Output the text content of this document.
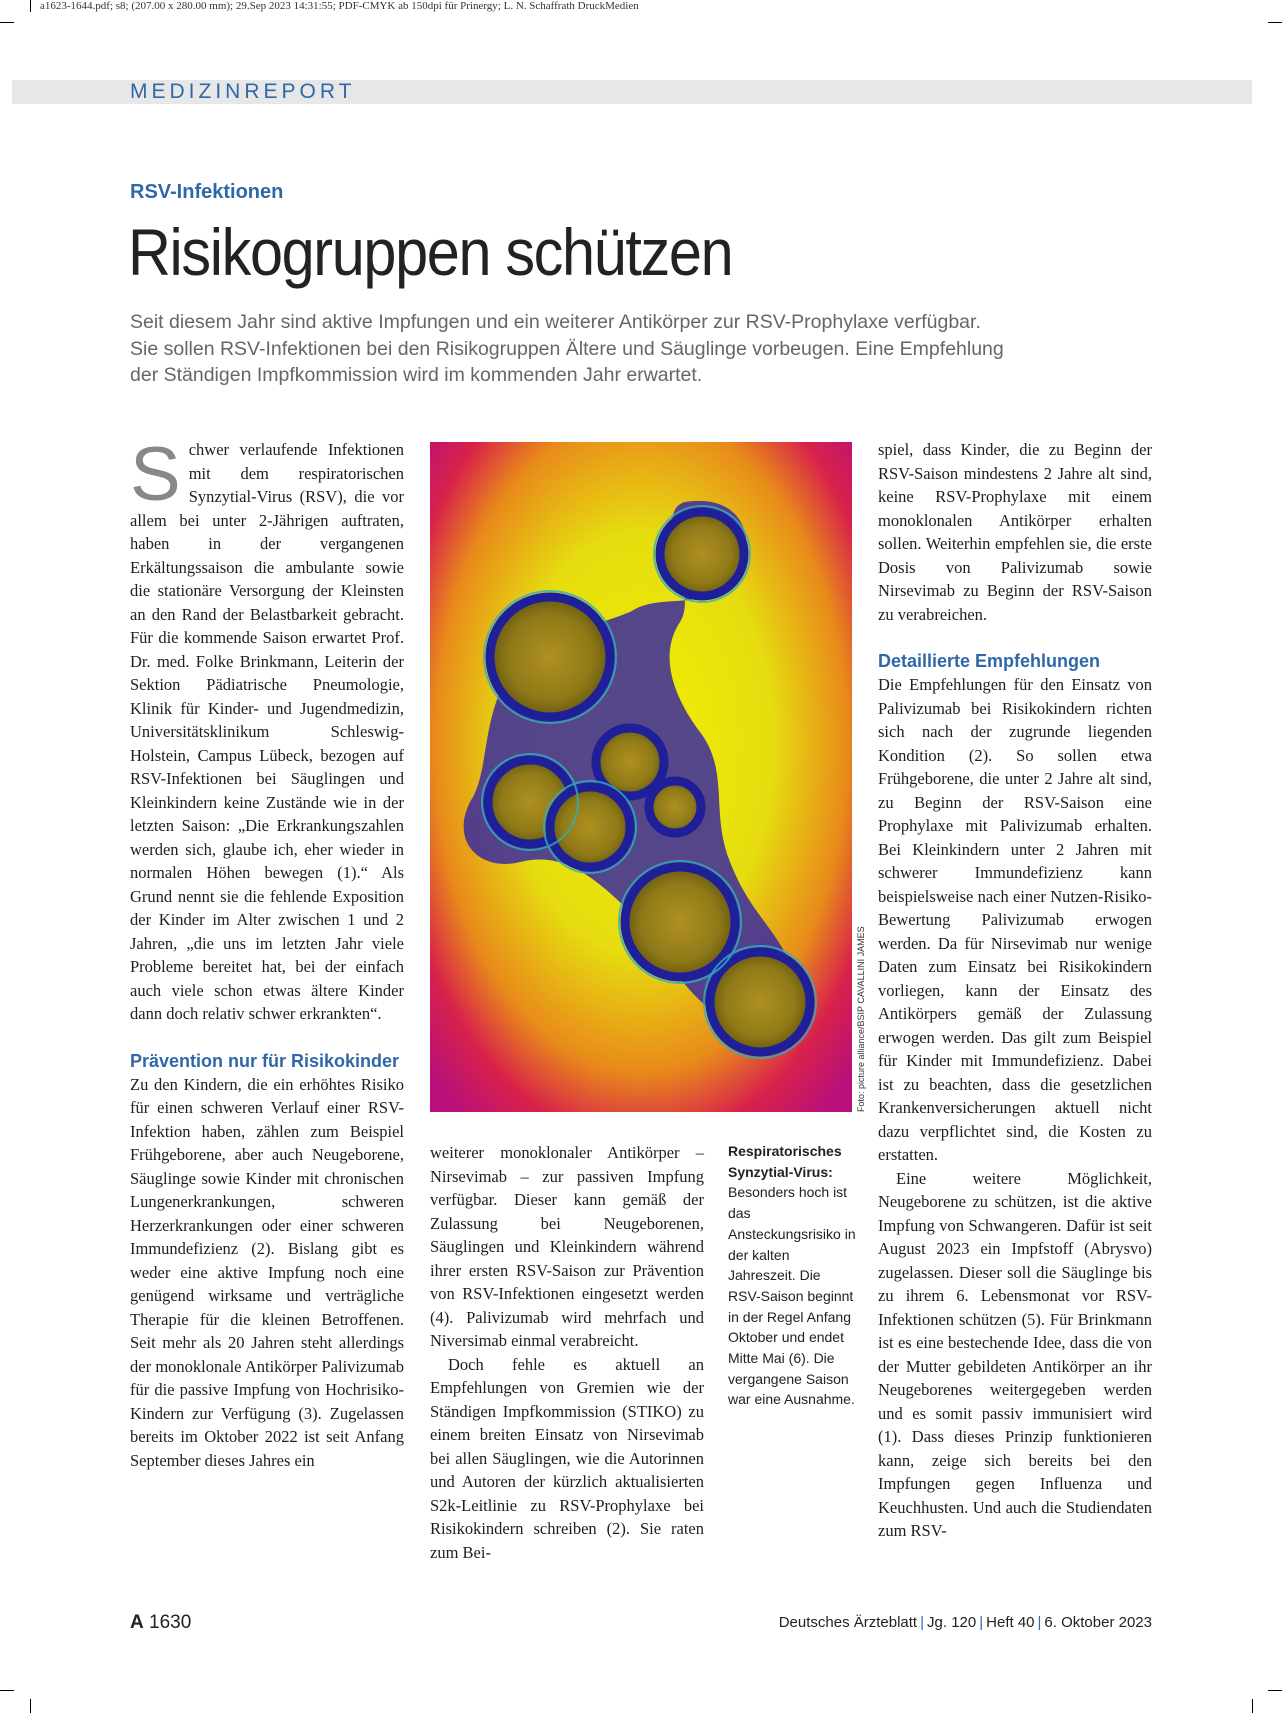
a1623-1644.pdf; s8; (207.00 x 280.00 mm); 29.Sep 2023 14:31:55; PDF-CMYK ab 150dpi für Prinergy; L. N. Schaffrath DruckMedien
MEDIZINREPORT
RSV-Infektionen
Risikogruppen schützen
Seit diesem Jahr sind aktive Impfungen und ein weiterer Antikörper zur RSV-Prophylaxe verfügbar.
Sie sollen RSV-Infektionen bei den Risikogruppen Ältere und Säuglinge vorbeugen. Eine Empfehlung
der Ständigen Impfkommission wird im kommenden Jahr erwartet.

Schwer verlaufende Infektionen mit dem respiratorischen Synzytial-Virus (RSV), die vor allem bei unter 2-Jährigen auftraten, haben in der vergangenen Erkältungssaison die ambulante sowie die stationäre Versorgung der Kleinsten an den Rand der Belastbarkeit gebracht. Für die kommende Saison erwartet Prof. Dr. med. Folke Brinkmann, Leiterin der Sektion Pädiatrische Pneumologie, Klinik für Kinder- und Jugendmedizin, Universitätsklinikum Schleswig-Holstein, Campus Lübeck, bezogen auf RSV-Infektionen bei Säuglingen und Kleinkindern keine Zustände wie in der letzten Saison: „Die Erkrankungszahlen werden sich, glaube ich, eher wieder in normalen Höhen bewegen (1).“ Als Grund nennt sie die fehlende Exposition der Kinder im Alter zwischen 1 und 2 Jahren, „die uns im letzten Jahr viele Probleme bereitet hat, bei der einfach auch viele schon etwas ältere Kinder dann doch relativ schwer erkrankten“.

Prävention nur für Risikokinder

Zu den Kindern, die ein erhöhtes Risiko für einen schweren Verlauf einer RSV-Infektion haben, zählen zum Beispiel Frühgeborene, aber auch Neugeborene, Säuglinge sowie Kinder mit chronischen Lungenerkrankungen, schweren Herzerkrankungen oder einer schweren Immundefizienz (2). Bislang gibt es weder eine aktive Impfung noch eine genügend wirksame und verträgliche Therapie für die kleinen Betroffenen. Seit mehr als 20 Jahren steht allerdings der monoklonale Antikörper Palivizumab für die passive Impfung von Hochrisiko-Kindern zur Verfügung (3). Zugelassen bereits im Oktober 2022 ist seit Anfang September dieses Jahres ein

Foto: picture alliance/BSIP CAVALLINI JAMES

weiterer monoklonaler Antikörper – Nirsevimab – zur passiven Impfung verfügbar. Dieser kann gemäß der Zulassung bei Neugeborenen, Säuglingen und Kleinkindern während ihrer ersten RSV-Saison zur Prävention von RSV-Infektionen eingesetzt werden (4). Palivizumab wird mehrfach und Niversimab einmal verabreicht.

Doch fehle es aktuell an Empfehlungen von Gremien wie der Ständigen Impfkommission (STIKO) zu einem breiten Einsatz von Nirsevimab bei allen Säuglingen, wie die Autorinnen und Autoren der kürzlich aktualisierten S2k-Leitlinie zu RSV-Prophylaxe bei Risikokindern schreiben (2). Sie raten zum Bei-

Respiratorisches Synzytial-Virus:
Besonders hoch ist das Ansteckungsrisiko in der kalten Jahreszeit. Die RSV-Saison beginnt in der Regel Anfang Oktober und endet Mitte Mai (6). Die vergangene Saison war eine Ausnahme.

spiel, dass Kinder, die zu Beginn der RSV-Saison mindestens 2 Jahre alt sind, keine RSV-Prophylaxe mit einem monoklonalen Antikörper erhalten sollen. Weiterhin empfehlen sie, die erste Dosis von Palivizumab sowie Nirsevimab zu Beginn der RSV-Saison zu verabreichen.

Detaillierte Empfehlungen

Die Empfehlungen für den Einsatz von Palivizumab bei Risikokindern richten sich nach der zugrunde liegenden Kondition (2). So sollen etwa Frühgeborene, die unter 2 Jahre alt sind, zu Beginn der RSV-Saison eine Prophylaxe mit Palivizumab erhalten. Bei Kleinkindern unter 2 Jahren mit schwerer Immundefizienz kann beispielsweise nach einer Nutzen-Risiko-Bewertung Palivizumab erwogen werden. Da für Nirsevimab nur wenige Daten zum Einsatz bei Risikokindern vorliegen, kann der Einsatz des Antikörpers gemäß der Zulassung erwogen werden. Das gilt zum Beispiel für Kinder mit Immundefizienz. Dabei ist zu beachten, dass die gesetzlichen Krankenversicherungen aktuell nicht dazu verpflichtet sind, die Kosten zu erstatten.

Eine weitere Möglichkeit, Neugeborene zu schützen, ist die aktive Impfung von Schwangeren. Dafür ist seit August 2023 ein Impfstoff (Abrysvo) zugelassen. Dieser soll die Säuglinge bis zu ihrem 6. Lebensmonat vor RSV-Infektionen schützen (5). Für Brinkmann ist es eine bestechende Idee, dass die von der Mutter gebildeten Antikörper an ihr Neugeborenes weitergegeben werden und es somit passiv immunisiert wird (1). Dass dieses Prinzip funktionieren kann, zeige sich bereits bei den Impfungen gegen Influenza und Keuchhusten. Und auch die Studiendaten zum RSV-

A 1630	Deutsches Ärzteblatt | Jg. 120 | Heft 40 | 6. Oktober 2023
